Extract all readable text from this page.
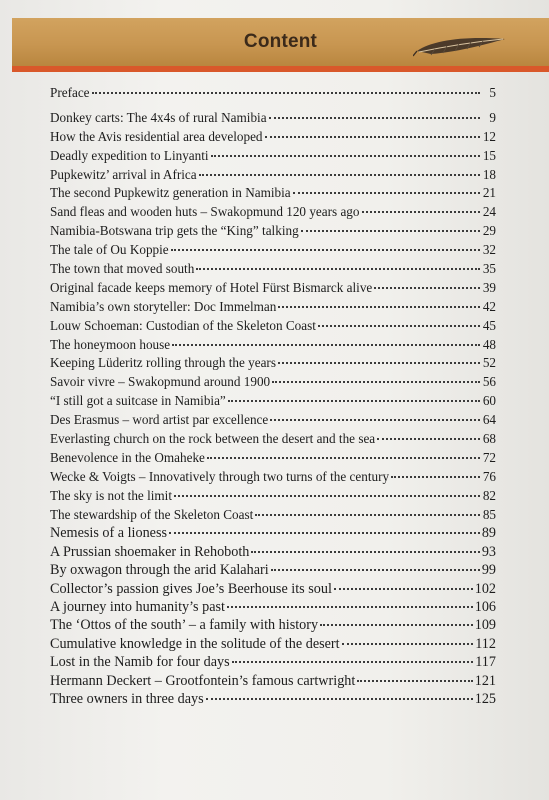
Content
Preface	5
Donkey carts: The 4x4s of rural Namibia	9
How the Avis residential area developed	12
Deadly expedition to Linyanti	15
Pupkewitz’ arrival in Africa	18
The second Pupkewitz generation in Namibia	21
Sand fleas and wooden huts – Swakopmund 120 years ago	24
Namibia-Botswana trip gets the “King” talking	29
The tale of Ou Koppie	32
The town that moved south	35
Original facade keeps memory of Hotel Fürst Bismarck alive	39
Namibia’s own storyteller: Doc Immelman	42
Louw Schoeman: Custodian of the Skeleton Coast	45
The honeymoon house	48
Keeping Lüderitz rolling through the years	52
Savoir vivre – Swakopmund around 1900	56
“I still got a suitcase in Namibia”	60
Des Erasmus – word artist par excellence	64
Everlasting church on the rock between the desert and the sea	68
Benevolence in the Omaheke	72
Wecke & Voigts – Innovatively through two turns of the century	76
The sky is not the limit	82
The stewardship of the Skeleton Coast	85
Nemesis of a lioness	89
A Prussian shoemaker in Rehoboth	93
By oxwagon through the arid Kalahari	99
Collector’s passion gives Joe’s Beerhouse its soul	102
A journey into humanity’s past	106
The ‘Ottos of the south’ – a family with history	109
Cumulative knowledge in the solitude of the desert	112
Lost in the Namib for four days	117
Hermann Deckert – Grootfontein’s famous cartwright	121
Three owners in three days	125
